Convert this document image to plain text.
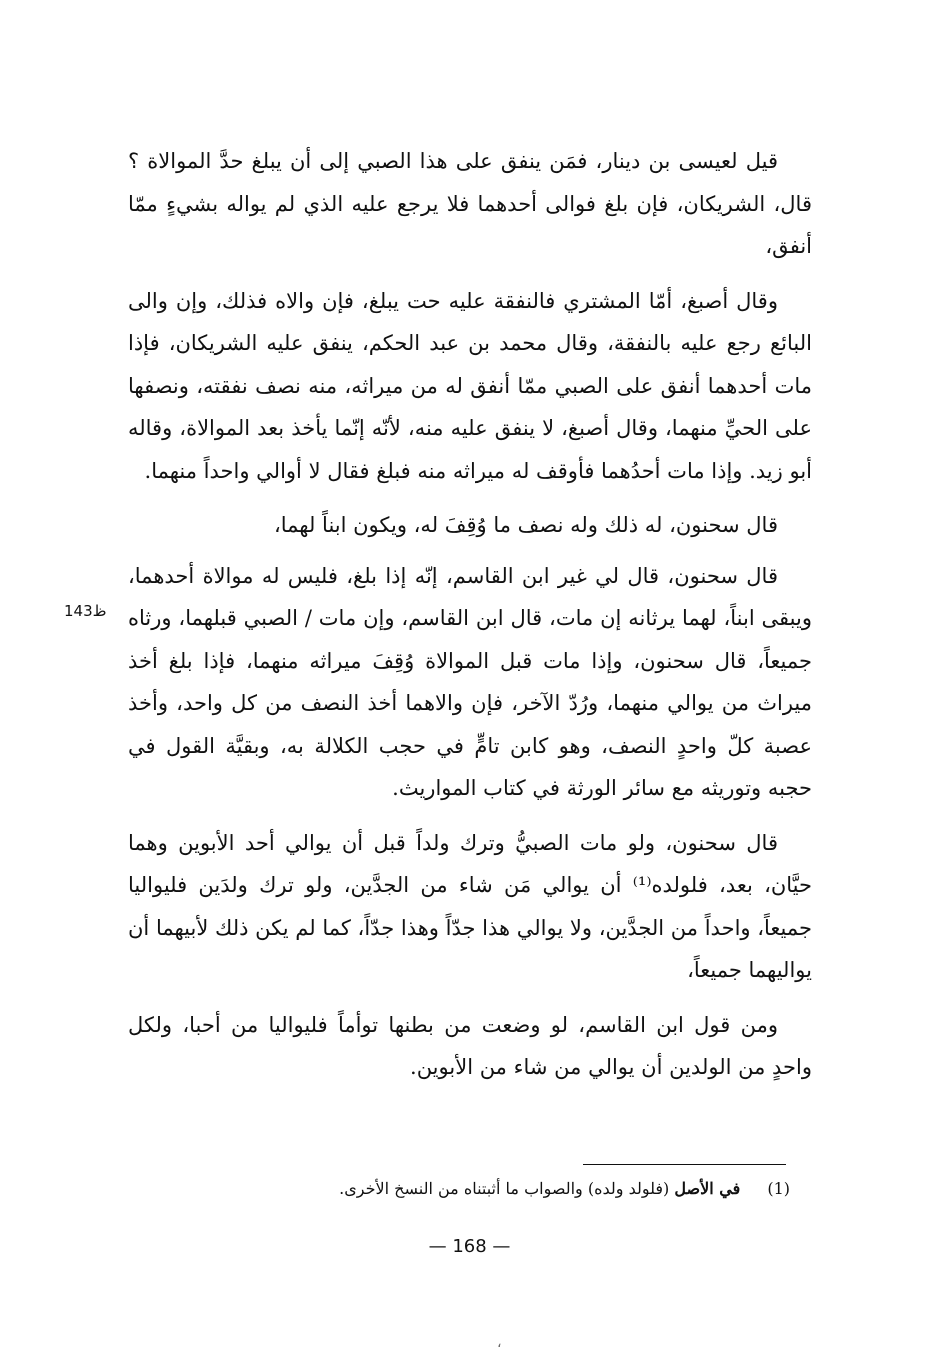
قيل لعيسى بن دينار، فمَن ينفق على هذا الصبي إلى أن يبلغ حدَّ الموالاة ؟ قال، الشريكان، فإن بلغ فوالى أحدهما فلا يرجع عليه الذي لم يواله بشيءٍ ممّا أنفق،

وقال أصبغ، أمّا المشتري فالنفقة عليه حت يبلغ، فإن والاه فذلك، وإن والى البائع رجع عليه بالنفقة، وقال محمد بن عبد الحكم، ينفق عليه الشريكان، فإذا مات أحدهما أنفق على الصبي ممّا أنفق له من ميراثه، منه نصف نفقته، ونصفها على الحيِّ منهما، وقال أصبغ، لا ينفق عليه منه، لأنّه إنّما يأخذ بعد الموالاة، وقاله أبو زيد. وإذا مات أحدُهما فأوقف له ميراثه منه فبلغ فقال لا أوالي واحداً منهما.

قال سحنون، له ذلك وله نصف ما وُقِفَ له، ويكون ابناً لهما،

قال سحنون، قال لي غير ابن القاسم، إنّه إذا بلغ، فليس له موالاة أحدهما، ويبقى ابناً، لهما يرثانه إن مات، قال ابن القاسم، وإن مات / الصبي قبلهما، ورثاه جميعاً، قال سحنون، وإذا مات قبل الموالاة وُقِفَ ميراثه منهما، فإذا بلغ أخذ ميراث من يوالي منهما، ورُدّ الآخر، فإن والاهما أخذ النصف من كل واحد، وأخذ عصبة كلّ واحدٍ النصف، وهو كابن تامٍّ في حجب الكلالة به، وبقيَّة القول في حجبه وتوريثه مع سائر الورثة في كتاب المواريث.

قال سحنون، ولو مات الصبيُّ وترك ولداً قبل أن يوالي أحد الأبوين وهما حيَّان، بعد، فلولده⁽¹⁾ أن يوالي مَن شاء من الجدَّين، ولو ترك ولدَين فليواليا جميعاً، واحداً من الجدَّين، ولا يوالي هذا جدّاً وهذا جدّاً، كما لم يكن ذلك لأبيهما أن يواليهما جميعاً،

ومن قول ابن القاسم، لو وضعت من بطنها توأماً فليواليا من أحبا، ولكل واحدٍ من الولدين أن يوالي من شاء من الأبوين.

143ظ
(1) في الأصل (فلولد ولده) والصواب ما أثبتناه من النسخ الأخرى.
— 168 —
،
